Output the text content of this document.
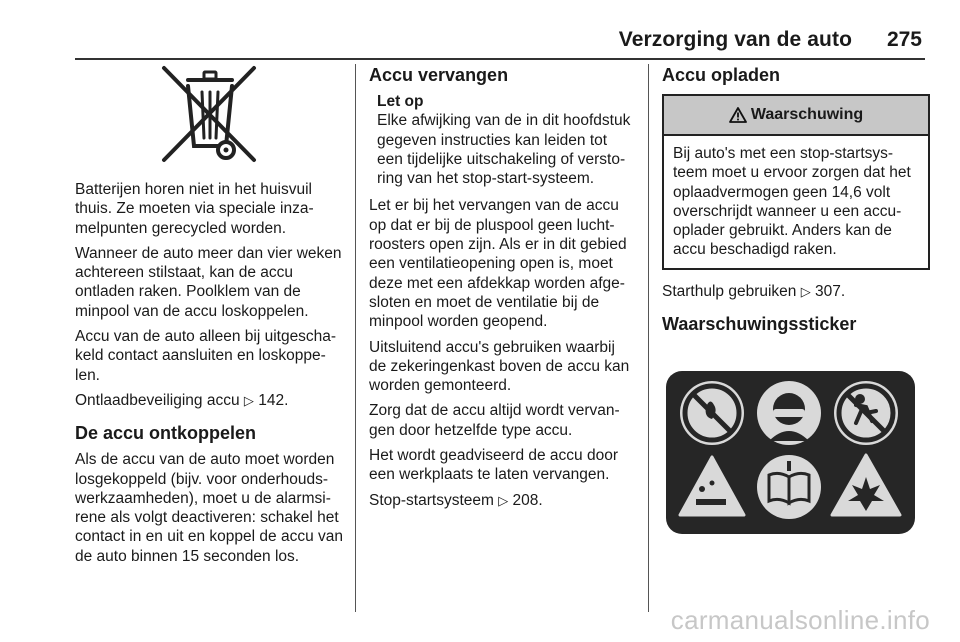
Verzorging van de auto 275

Batterijen horen niet in het huisvuil thuis. Ze moeten via speciale inza-melpunten gerecycled worden.

Wanneer de auto meer dan vier weken achtereen stilstaat, kan de accu ontladen raken. Poolklem van de minpool van de accu loskoppelen.

Accu van de auto alleen bij uitgescha-keld contact aansluiten en loskoppe-len.

Ontlaadbeveiliging accu ▷ 142.

De accu ontkoppelen

Als de accu van de auto moet worden losgekoppeld (bijv. voor onderhouds-werkzaamheden), moet u de alarmsi-rene als volgt deactiveren: schakel het contact in en uit en koppel de accu van de auto binnen 15 seconden los.

Accu vervangen
Let op
Elke afwijking van de in dit hoofdstuk gegeven instructies kan leiden tot een tijdelijke uitschakeling of versto-ring van het stop-start-systeem.

Let er bij het vervangen van de accu op dat er bij de pluspool geen lucht-roosters open zijn. Als er in dit gebied een ventilatieopening open is, moet deze met een afdekkap worden afge-sloten en moet de ventilatie bij de minpool worden geopend.

Uitsluitend accu's gebruiken waarbij de zekeringenkast boven de accu kan worden gemonteerd.

Zorg dat de accu altijd wordt vervan-gen door hetzelfde type accu.

Het wordt geadviseerd de accu door een werkplaats te laten vervangen.

Stop-startsysteem ▷ 208.

Accu opladen
Waarschuwing
Bij auto's met een stop-startsys-teem moet u ervoor zorgen dat het oplaadvermogen geen 14,6 volt overschrijdt wanneer u een accu-oplader gebruikt. Anders kan de accu beschadigd raken.

Starthulp gebruiken ▷ 307.

Waarschuwingssticker
carmanualsonline.info
